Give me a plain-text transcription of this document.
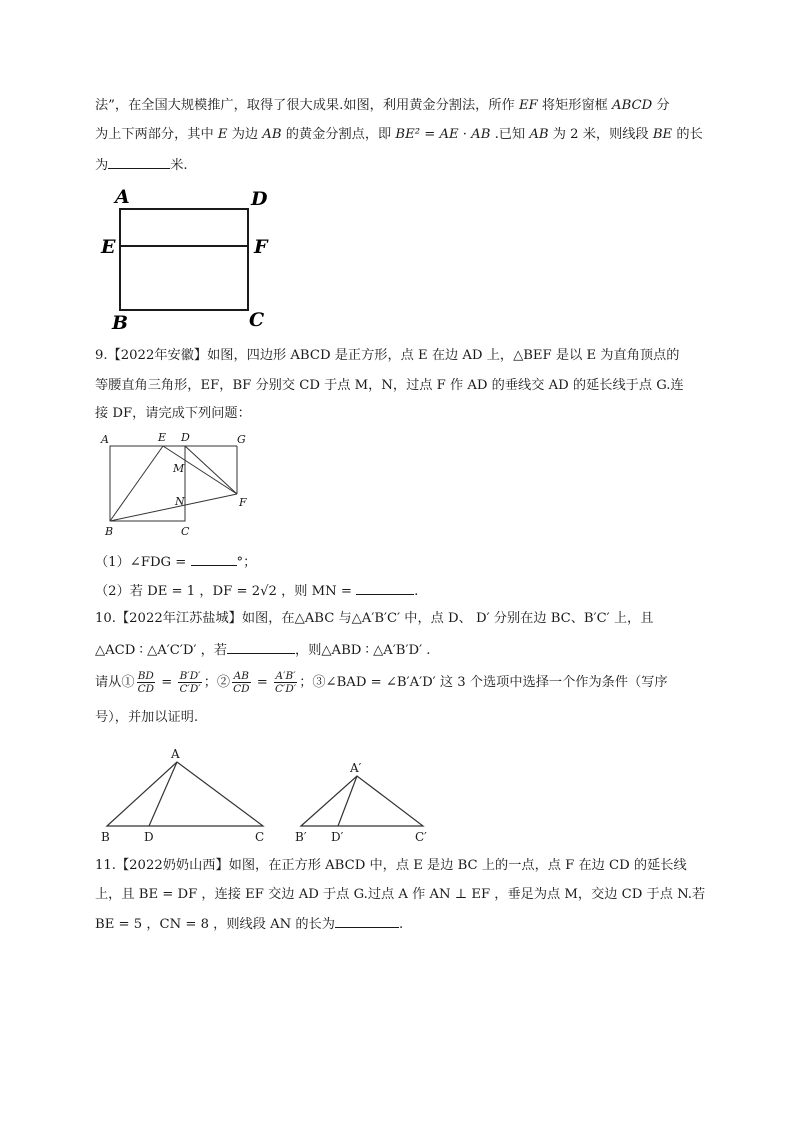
法”，在全国大规模推广，取得了很大成果.如图，利用黄金分割法，所作 EF 将矩形窗框 ABCD 分
为上下两部分，其中 E 为边 AB 的黄金分割点，即 BE² = AE · AB .已知 AB 为 2 米，则线段 BE 的长
为	米.
A	D
E	F
B	C
9.【2022年安徽】如图，四边形 ABCD 是正方形，点 E 在边 AD 上，△BEF 是以 E 为直角顶点的
等腰直角三角形，EF，BF 分别交 CD 于点 M，N，过点 F 作 AD 的垂线交 AD 的延长线于点 G.连
接 DF，请完成下列问题：
A	E D	G
M
N	F
B	C
（1）∠FDG =	°；
（2）若 DE = 1 ，DF = 2√2 ，则 MN =	.
10.【2022年江苏盐城】如图，在△ABC 与△A′B′C′ 中，点 D、 D′ 分别在边 BC、B′C′ 上，且
△ACD ∶ △A′C′D′ ，若	，则△ABD ∶ △A′B′D′ .
请从① $\frac{BD}{CD} = \frac{B'D'}{C'D'}$ ；② $\frac{AB}{CD} = \frac{A'B'}{C'D'}$ ；③∠BAD = ∠B′A′D′ 这 3 个选项中选择一个作为条件（写序
号），并加以证明.
A
B	D	C
A′
B′ D′	C′
11.【2022奶奶山西】如图，在正方形 ABCD 中，点 E 是边 BC 上的一点，点 F 在边 CD 的延长线
上，且 BE = DF ，连接 EF 交边 AD 于点 G.过点 A 作 AN ⊥ EF ，垂足为点 M，交边 CD 于点 N.若
BE = 5 ，CN = 8 ，则线段 AN 的长为	.
